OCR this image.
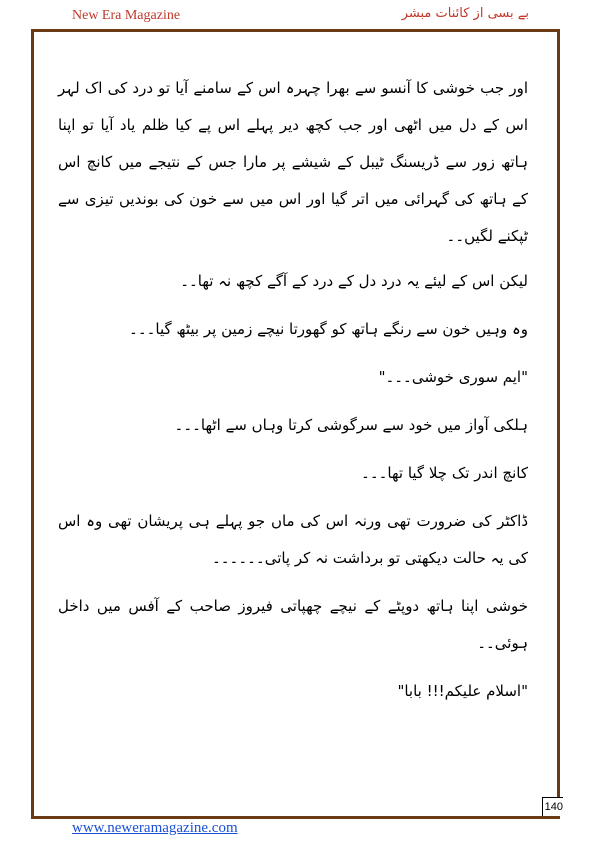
New Era Magazine	بے بسی از کائنات مبشر

اور جب خوشی کا آنسو سے بھرا چہرہ اس کے سامنے آیا تو درد کی اک لہر اس کے دل میں اٹھی اور جب کچھ دیر پہلے اس پے کیا ظلم یاد آیا تو اپنا ہاتھ زور سے ڈریسنگ ٹیبل کے شیشے پر مارا جس کے نتیجے میں کانچ اس کے ہاتھ کی گہرائی میں اتر گیا اور اس میں سے خون کی بوندیں تیزی سے ٹپکنے لگیں۔۔

لیکن اس کے لیئے یہ درد دل کے درد کے آگے کچھ نہ تھا۔۔

وہ وہیں خون سے رنگے ہاتھ کو گھورتا نیچے زمین پر بیٹھ گیا۔۔۔

"ایم سوری خوشی۔۔۔"

ہلکی آواز میں خود سے سرگوشی کرتا وہاں سے اٹھا۔۔۔

کانچ اندر تک چلا گیا تھا۔۔۔

ڈاکٹر کی ضرورت تھی ورنہ اس کی ماں جو پہلے ہی پریشان تھی وہ اس کی یہ حالت دیکھتی تو برداشت نہ کر پاتی۔۔۔۔۔۔

خوشی اپنا ہاتھ دوپٹے کے نیچے چھپاتی فیروز صاحب کے آفس میں داخل ہوئی۔۔

"اسلام علیکم!!! بابا"

140
www.neweramagazine.com
